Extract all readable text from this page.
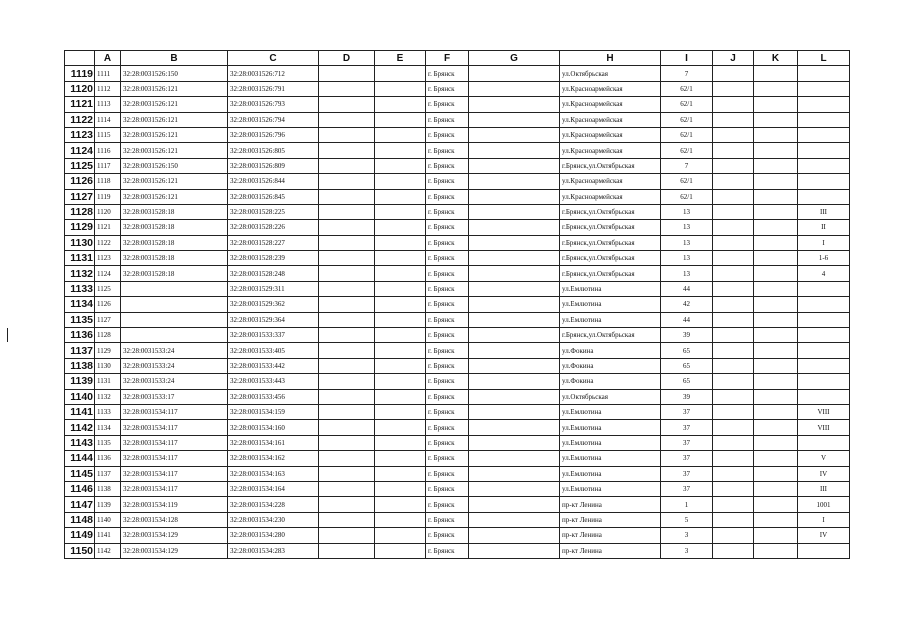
	A	B	C	D	E	F	G	H	I	J	K	L
1119	1111	32:28:0031526:150	32:28:0031526:712			г. Брянск		ул.Октябрьская	7			
1120	1112	32:28:0031526:121	32:28:0031526:791			г. Брянск		ул.Красноармейская	62/1			
1121	1113	32:28:0031526:121	32:28:0031526:793			г. Брянск		ул.Красноармейская	62/1			
1122	1114	32:28:0031526:121	32:28:0031526:794			г. Брянск		ул.Красноармейская	62/1			
1123	1115	32:28:0031526:121	32:28:0031526:796			г. Брянск		ул.Красноармейская	62/1			
1124	1116	32:28:0031526:121	32:28:0031526:805			г. Брянск		ул.Красноармейская	62/1			
1125	1117	32:28:0031526:150	32:28:0031526:809			г. Брянск		г.Брянск,ул.Октябрьская	7			
1126	1118	32:28:0031526:121	32:28:0031526:844			г. Брянск		ул.Красноармейская	62/1			
1127	1119	32:28:0031526:121	32:28:0031526:845			г. Брянск		ул.Красноармейская	62/1			
1128	1120	32:28:0031528:18	32:28:0031528:225			г. Брянск		г.Брянск,ул.Октябрьская	13			III
1129	1121	32:28:0031528:18	32:28:0031528:226			г. Брянск		г.Брянск,ул.Октябрьская	13			II
1130	1122	32:28:0031528:18	32:28:0031528:227			г. Брянск		г.Брянск,ул.Октябрьская	13			I
1131	1123	32:28:0031528:18	32:28:0031528:239			г. Брянск		г.Брянск,ул.Октябрьская	13			1-6
1132	1124	32:28:0031528:18	32:28:0031528:248			г. Брянск		г.Брянск,ул.Октябрьская	13			4
1133	1125		32:28:0031529:311			г. Брянск		ул.Емлютина	44			
1134	1126		32:28:0031529:362			г. Брянск		ул.Емлютина	42			
1135	1127		32:28:0031529:364			г. Брянск		ул.Емлютина	44			
1136	1128		32:28:0031533:337			г. Брянск		г.Брянск,ул.Октябрьская	39			
1137	1129	32:28:0031533:24	32:28:0031533:405			г. Брянск		ул.Фокина	65			
1138	1130	32:28:0031533:24	32:28:0031533:442			г. Брянск		ул.Фокина	65			
1139	1131	32:28:0031533:24	32:28:0031533:443			г. Брянск		ул.Фокина	65			
1140	1132	32:28:0031533:17	32:28:0031533:456			г. Брянск		ул.Октябрьская	39			
1141	1133	32:28:0031534:117	32:28:0031534:159			г. Брянск		ул.Емлютина	37			VIII
1142	1134	32:28:0031534:117	32:28:0031534:160			г. Брянск		ул.Емлютина	37			VIII
1143	1135	32:28:0031534:117	32:28:0031534:161			г. Брянск		ул.Емлютина	37			
1144	1136	32:28:0031534:117	32:28:0031534:162			г. Брянск		ул.Емлютина	37			V
1145	1137	32:28:0031534:117	32:28:0031534:163			г. Брянск		ул.Емлютина	37			IV
1146	1138	32:28:0031534:117	32:28:0031534:164			г. Брянск		ул.Емлютина	37			III
1147	1139	32:28:0031534:119	32:28:0031534:228			г. Брянск		пр-кт Ленина	1			1001
1148	1140	32:28:0031534:128	32:28:0031534:230			г. Брянск		пр-кт Ленина	5			I
1149	1141	32:28:0031534:129	32:28:0031534:280			г. Брянск		пр-кт Ленина	3			IV
1150	1142	32:28:0031534:129	32:28:0031534:283			г. Брянск		пр-кт Ленина	3			
